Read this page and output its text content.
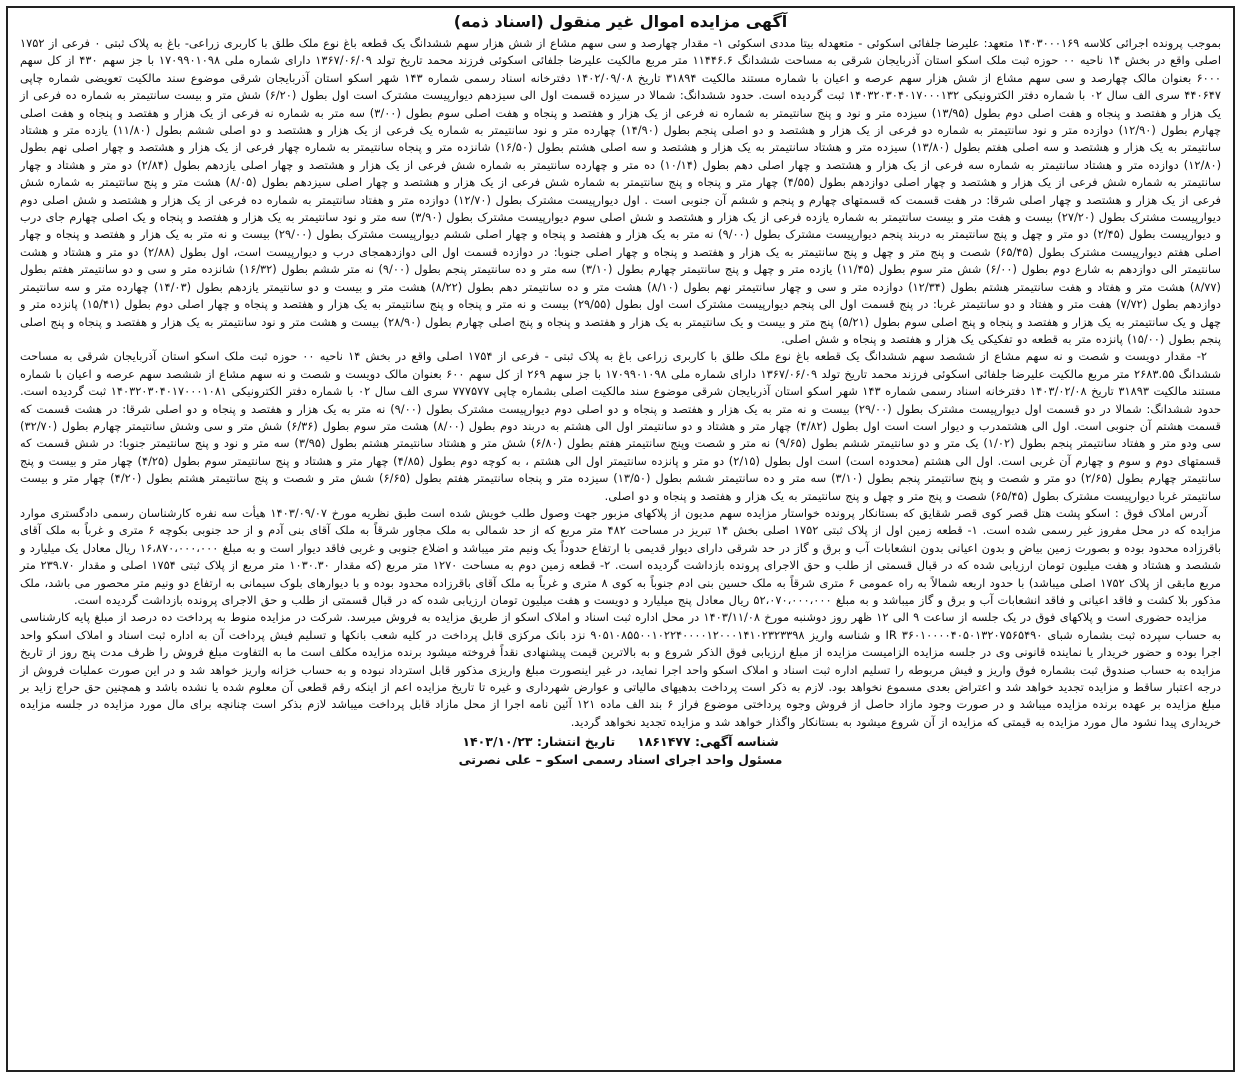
آگهی مزایده اموال غیر منقول (اسناد ذمه)

بموجب پرونده اجرائی کلاسه ۱۴۰۳۰۰۰۱۶۹ متعهد: علیرضا جلفائی اسکوئی - متعهدله بیتا مددی اسکوئی ۱- مقدار چهارصد و سی سهم مشاع از شش هزار سهم ششدانگ یک قطعه باغ نوع ملک طلق با کاربری زراعی- باغ به پلاک ثبتی ۰ فرعی از ۱۷۵۲ اصلی واقع در بخش ۱۴ ناحیه ۰۰ حوزه ثبت ملک اسکو استان آذربایجان شرقی به مساحت ششدانگ ۱۱۴۴۶.۶ متر مربع مالکیت علیرضا جلفائی اسکوئی فرزند محمد تاریخ تولد ۱۳۶۷/۰۶/۰۹ دارای شماره ملی ۱۷۰۹۹۰۱۰۹۸ با جز سهم ۴۳۰ از کل سهم ۶۰۰۰ بعنوان مالک چهارصد و سی سهم مشاع از شش هزار سهم عرصه و اعیان با شماره مستند مالکیت ۳۱۸۹۴ تاریخ ۱۴۰۲/۰۹/۰۸ دفترخانه اسناد رسمی شماره ۱۴۳ شهر اسکو استان آذربایجان شرقی موضوع سند مالکیت تعویضی شماره چاپی ۴۴۰۶۴۷ سری الف سال ۰۲ با شماره دفتر الکترونیکی ۱۴۰۳۲۰۳۰۴۰۱۷۰۰۰۱۳۲ ثبت گردیده است. حدود ششدانگ: شمالا در سیزده قسمت اول الی سیزدهم دیوارپیست مشترک است اول بطول (۶/۲۰) شش متر و بیست سانتیمتر به شماره ده فرعی از یک هزار و هفتصد و پنجاه و هفت اصلی دوم بطول (۱۳/۹۵) سیزده متر و نود و پنج سانتیمتر به شماره نه فرعی از یک هزار و هفتصد و پنجاه و هفت اصلی سوم بطول (۳/۰۰) سه متر به شماره نه فرعی از یک هزار و هفتصد و پنجاه و هفت اصلی چهارم بطول (۱۲/۹۰) دوازده متر و نود سانتیمتر به شماره دو فرعی از یک هزار و هشتصد و دو اصلی پنجم بطول (۱۴/۹۰) چهارده متر و نود سانتیمتر به شماره یک فرعی از یک هزار و هشتصد و دو اصلی ششم بطول (۱۱/۸۰) یازده متر و هشتاد سانتیمتر به یک هزار و هشتصد و سه اصلی هفتم بطول (۱۳/۸۰) سیزده متر و هشتاد سانتیمتر به یک هزار و هشتصد و سه اصلی هشتم بطول (۱۶/۵۰) شانزده متر و پنجاه سانتیمتر به شماره چهار فرعی از یک هزار و هشتصد و چهار اصلی نهم بطول (۱۲/۸۰) دوازده متر و هشتاد سانتیمتر به شماره سه فرعی از یک هزار و هشتصد و چهار اصلی دهم بطول (۱۰/۱۴) ده متر و چهارده سانتیمتر به شماره شش فرعی از یک هزار و هشتصد و چهار اصلی یازدهم بطول (۲/۸۴) دو متر و هشتاد و چهار سانتیمتر به شماره شش فرعی از یک هزار و هشتصد و چهار اصلی دوازدهم بطول (۴/۵۵) چهار متر و پنجاه و پنج سانتیمتر به شماره شش فرعی از یک هزار و هشتصد و چهار اصلی سیزدهم بطول (۸/۰۵) هشت متر و پنج سانتیمتر به شماره شش فرعی از یک هزار و هشتصد و چهار اصلی شرقا: در هفت قسمت که قسمتهای چهارم و پنجم و ششم آن جنوبی است . اول دیوارپیست مشترک بطول (۱۲/۷۰) دوازده متر و هفتاد سانتیمتر به شماره ده فرعی از یک هزار و هشتصد و شش اصلی دوم دیوارپیست مشترک بطول (۲۷/۲۰) بیست و هفت متر و بیست سانتیمتر به شماره یازده فرعی از یک هزار و هشتصد و شش اصلی سوم دیوارپیست مشترک بطول (۳/۹۰) سه متر و نود سانتیمتر به یک هزار و هفتصد و پنجاه و یک اصلی چهارم جای درب و دیوارپیست بطول (۲/۴۵) دو متر و چهل و پنج سانتیمتر به دربند پنجم دیوارپیست مشترک بطول (۹/۰۰) نه متر به یک هزار و هفتصد و پنجاه و چهار اصلی ششم دیوارپیست مشترک بطول (۲۹/۰۰) بیست و نه متر به یک هزار و هفتصد و پنجاه و چهار اصلی هفتم دیوارپیست مشترک بطول (۶۵/۴۵) شصت و پنج متر و چهل و پنج سانتیمتر به یک هزار و هفتصد و پنجاه و چهار اصلی جنوبا: در دوازده قسمت اول الی دوازدهمجای درب و دیوارپیست است، اول بطول (۲/۸۸) دو متر و هشتاد و هشت سانتیمتر الی دوازدهم به شارع دوم بطول (۶/۰۰) شش متر سوم بطول (۱۱/۴۵) یازده متر و چهل و پنج سانتیمتر چهارم بطول (۳/۱۰) سه متر و ده سانتیمتر پنجم بطول (۹/۰۰) نه متر ششم بطول (۱۶/۳۲) شانزده متر و سی و دو سانتیمتر هفتم بطول (۸/۷۷) هشت متر و هفتاد و هفت سانتیمتر هشتم بطول (۱۲/۳۴) دوازده متر و سی و چهار سانتیمتر نهم بطول (۸/۱۰) هشت متر و ده سانتیمتر دهم بطول (۸/۲۲) هشت متر و بیست و دو سانتیمتر یازدهم بطول (۱۴/۰۳) چهارده متر و سه سانتیمتر دوازدهم بطول (۷/۷۲) هفت متر و هفتاد و دو سانتیمتر غربا: در پنج قسمت اول الی پنجم دیوارپیست مشترک است اول بطول (۲۹/۵۵) بیست و نه متر و پنجاه و پنج سانتیمتر به یک هزار و هفتصد و پنجاه و چهار اصلی دوم بطول (۱۵/۴۱) پانزده متر و چهل و یک سانتیمتر به یک هزار و هفتصد و پنجاه و پنج اصلی سوم بطول (۵/۲۱) پنج متر و بیست و یک سانتیمتر به یک هزار و هفتصد و پنجاه و پنج اصلی چهارم بطول (۲۸/۹۰) بیست و هشت متر و نود سانتیمتر به یک هزار و هفتصد و پنجاه و پنج اصلی پنجم بطول (۱۵/۰۰) پانزده متر به قطعه دو تفکیکی یک هزار و هفتصد و پنجاه و شش اصلی.

۲- مقدار دویست و شصت و نه سهم مشاع از ششصد سهم ششدانگ یک قطعه باغ نوع ملک طلق با کاربری زراعی باغ به پلاک ثبتی - فرعی از ۱۷۵۴ اصلی واقع در بخش ۱۴ ناحیه ۰۰ حوزه ثبت ملک اسکو استان آذربایجان شرقی به مساحت ششدانگ ۲۶۸۳.۵۵ متر مربع مالکیت علیرضا جلفائی اسکوئی فرزند محمد تاریخ تولد ۱۳۶۷/۰۶/۰۹ دارای شماره ملی ۱۷۰۹۹۰۱۰۹۸ با جز سهم ۲۶۹ از کل سهم ۶۰۰ بعنوان مالک دویست و شصت و نه سهم مشاع از ششصد سهم عرصه و اعیان با شماره مستند مالکیت ۳۱۸۹۳ تاریخ ۱۴۰۳/۰۲/۰۸ دفترخانه اسناد رسمی شماره ۱۴۳ شهر اسکو استان آذربایجان شرقی موضوع سند مالکیت اصلی بشماره چاپی ۷۷۷۵۷۷ سری الف سال ۰۲ با شماره دفتر الکترونیکی ۱۴۰۳۲۰۳۰۴۰۱۷۰۰۰۱۰۸۱ ثبت گردیده است. حدود ششدانگ: شمالا در دو قسمت اول دیوارپیست مشترک بطول (۲۹/۰۰) بیست و نه متر به یک هزار و هفتصد و پنجاه و دو اصلی دوم دیوارپیست مشترک بطول (۹/۰۰) نه متر به یک هزار و هفتصد و پنجاه و دو اصلی شرقا: در هشت قسمت که قسمت هشتم آن جنوبی است. اول الی هشتمدرب و دیوار است است اول بطول (۴/۸۲) چهار متر و هشتاد و دو سانتیمتر اول الی هشتم به دربند دوم بطول (۸/۰۰) هشت متر سوم بطول (۶/۳۶) شش متر و سی وشش سانتیمتر چهارم بطول (۳۲/۷۰) سی ودو متر و هفتاد سانتیمتر پنجم بطول (۱/۰۲) یک متر و دو سانتیمتر ششم بطول (۹/۶۵) نه متر و شصت وپنج سانتیمتر هفتم بطول (۶/۸۰) شش متر و هشتاد سانتیمتر هشتم بطول (۳/۹۵) سه متر و نود و پنج سانتیمتر جنوبا: در شش قسمت که قسمتهای دوم و سوم و چهارم آن غربی است. اول الی هشتم (محدوده است) است اول بطول (۲/۱۵) دو متر و پانزده سانتیمتر اول الی هشتم ، به کوچه دوم بطول (۴/۸۵) چهار متر و هشتاد و پنج سانتیمتر سوم بطول (۴/۲۵) چهار متر و بیست و پنج سانتیمتر چهارم بطول (۲/۶۵) دو متر و شصت و پنج سانتیمتر پنجم بطول (۳/۱۰) سه متر و ده سانتیمتر ششم بطول (۱۳/۵۰) سیزده متر و پنجاه سانتیمتر هفتم بطول (۶/۶۵) شش متر و شصت و پنج سانتیمتر هشتم بطول (۴/۲۰) چهار متر و بیست سانتیمتر غربا دیوارپیست مشترک بطول (۶۵/۴۵) شصت و پنج متر و چهل و پنج سانتیمتر به یک هزار و هفتصد و پنجاه و دو اصلی.

آدرس املاک فوق : اسکو پشت هتل قصر کوی قصر شقایق که بستانکار پرونده خواستار مزایده سهم مدیون از پلاکهای مزبور جهت وصول طلب خویش شده است طبق نظریه مورخ ۱۴۰۳/۰۹/۰۷ هیأت سه نفره کارشناسان رسمی دادگستری موارد مزایده که در محل مفروز غیر رسمی شده است. ۱- قطعه زمین اول از پلاک ثبتی ۱۷۵۲ اصلی بخش ۱۴ تبریز در مساحت ۴۸۲ متر مربع که از حد شمالی به ملک مجاور شرقاً به ملک آقای بنی آدم و از حد جنوبی بکوچه ۶ متری و غرباً به ملک آقای باقرزاده محدود بوده و بصورت زمین بیاض و بدون اعیانی بدون انشعابات آب و برق و گاز در حد شرقی دارای دیوار قدیمی با ارتفاع حدوداً یک ونیم متر میباشد و اضلاع جنوبی و غربی فاقد دیوار است و به مبلغ ۱۶،۸۷۰،۰۰۰،۰۰۰ ریال معادل یک میلیارد و ششصد و هشتاد و هفت میلیون تومان ارزیابی شده که در قبال قسمتی از طلب و حق الاجرای پرونده بازداشت گردیده است. ۲- قطعه زمین دوم به مساحت ۱۲۷۰ متر مربع (که مقدار ۱۰۳۰.۳۰ متر مربع از پلاک ثبتی ۱۷۵۴ اصلی و مقدار ۲۳۹.۷۰ متر مربع مابقی از پلاک ۱۷۵۲ اصلی میباشد) با حدود اربعه شمالاً به راه عمومی ۶ متری شرقاً به ملک حسین بنی ادم جنوباً به کوی ۸ متری و غرباً به ملک آقای باقرزاده محدود بوده و با دیوارهای بلوک سیمانی به ارتفاع دو ونیم متر محصور می باشد، ملک مذکور بلا کشت و فاقد اعیانی و فاقد انشعابات آب و برق و گاز میباشد و به مبلغ ۵۲،۰۷۰،۰۰۰،۰۰۰ ریال معادل پنج میلیارد و دویست و هفت میلیون تومان ارزیابی شده که در قبال قسمتی از طلب و حق الاجرای پرونده بازداشت گردیده است.

مزایده حضوری است و پلاکهای فوق در یک جلسه از ساعت ۹ الی ۱۲ ظهر روز دوشنبه مورخ ۱۴۰۳/۱۱/۰۸ در محل اداره ثبت اسناد و املاک اسکو از طریق مزایده به فروش میرسد. شرکت در مزایده منوط به پرداخت ده درصد از مبلغ پایه کارشناسی به حساب سپرده ثبت بشماره شبای IR ۳۶۰۱۰۰۰۰۴۰۵۰۱۳۲۰۷۵۶۵۴۹۰ و شناسه واریز ۹۰۵۱۰۸۵۵۰۰۱۰۲۲۴۰۰۰۰۱۲۰۰۰۱۴۱۰۲۳۲۳۳۹۸ نزد بانک مرکزی قابل پرداخت در کلیه شعب بانکها و تسلیم فیش پرداخت آن به اداره ثبت اسناد و املاک اسکو واحد اجرا بوده و حضور خریدار یا نماینده قانونی وی در جلسه مزایده الزامیست مزایده از مبلغ ارزیابی فوق الذکر شروع و به بالاترین قیمت پیشنهادی نقداً فروخته میشود برنده مزایده مکلف است ما به التفاوت مبلغ فروش را ظرف مدت پنج روز از تاریخ مزایده به حساب صندوق ثبت بشماره فوق واریز و فیش مربوطه را تسلیم اداره ثبت اسناد و املاک اسکو واحد اجرا نماید، در غیر اینصورت مبلغ واریزی مذکور قابل استرداد نبوده و به حساب خزانه واریز خواهد شد و در این صورت عملیات فروش از درجه اعتبار ساقط و مزایده تجدید خواهد شد و اعتراض بعدی مسموع نخواهد بود. لازم به ذکر است پرداخت بدهیهای مالیاتی و عوارض شهرداری و غیره تا تاریخ مزایده اعم از اینکه رقم قطعی آن معلوم شده یا نشده باشد و همچنین حق حراج زاید بر مبلغ مزایده بر عهده برنده مزایده میباشد و در صورت وجود مازاد حاصل از فروش وجوه پرداختی موضوع فراز ۶ بند الف ماده ۱۲۱ آئین نامه اجرا از محل مازاد قابل پرداخت میباشد لازم بذکر است چنانچه برای مال مورد مزایده در جلسه مزایده خریداری پیدا نشود مال مورد مزایده به قیمتی که مزایده از آن شروع میشود به بستانکار واگذار خواهد شد و مزایده تجدید نخواهد گردید.

شناسه آگهی: ۱۸۶۱۴۷۷
تاریخ انتشار: ۱۴۰۳/۱۰/۲۳
مسئول واحد اجرای اسناد رسمی اسکو – علی نصرتی
